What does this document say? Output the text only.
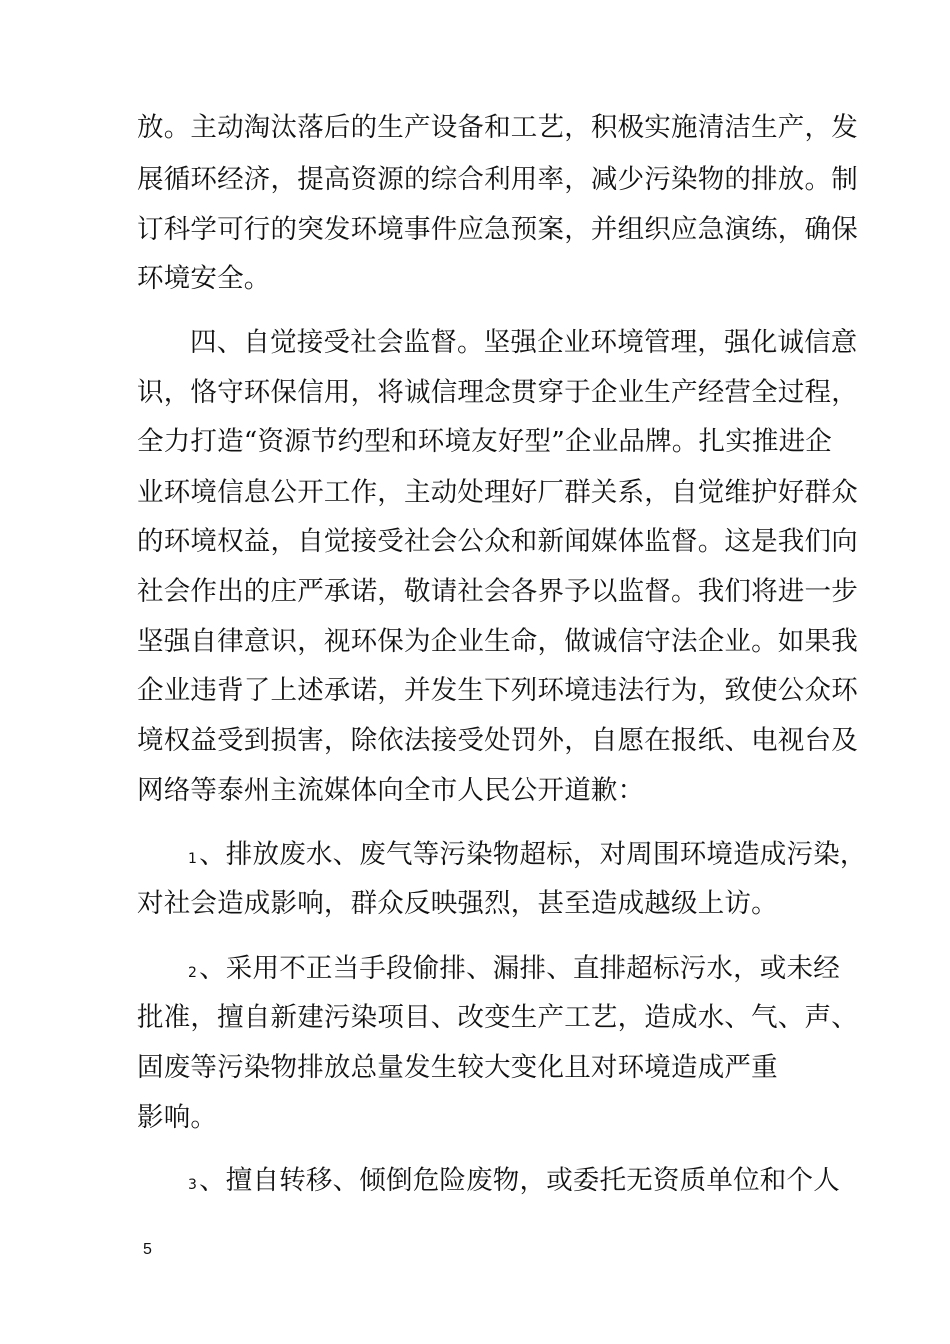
放。主动淘汰落后的生产设备和工艺，积极实施清洁生产，发
展循环经济，提高资源的综合利用率，减少污染物的排放。制
订科学可行的突发环境事件应急预案，并组织应急演练，确保
环境安全。
四、自觉接受社会监督。坚强企业环境管理，强化诚信意
识，恪守环保信用，将诚信理念贯穿于企业生产经营全过程，
全力打造“资源节约型和环境友好型”企业品牌。扎实推进企
业环境信息公开工作，主动处理好厂群关系，自觉维护好群众
的环境权益，自觉接受社会公众和新闻媒体监督。这是我们向
社会作出的庄严承诺，敬请社会各界予以监督。我们将进一步
坚强自律意识，视环保为企业生命，做诚信守法企业。如果我
企业违背了上述承诺，并发生下列环境违法行为，致使公众环
境权益受到损害，除依法接受处罚外，自愿在报纸、电视台及
网络等泰州主流媒体向全市人民公开道歉：
1、排放废水、废气等污染物超标，对周围环境造成污染，
对社会造成影响，群众反映强烈，甚至造成越级上访。
2、采用不正当手段偷排、漏排、直排超标污水，或未经
批准，擅自新建污染项目、改变生产工艺，造成水、气、声、
固废等污染物排放总量发生较大变化且对环境造成严重
影响。
3、擅自转移、倾倒危险废物，或委托无资质单位和个人
5
